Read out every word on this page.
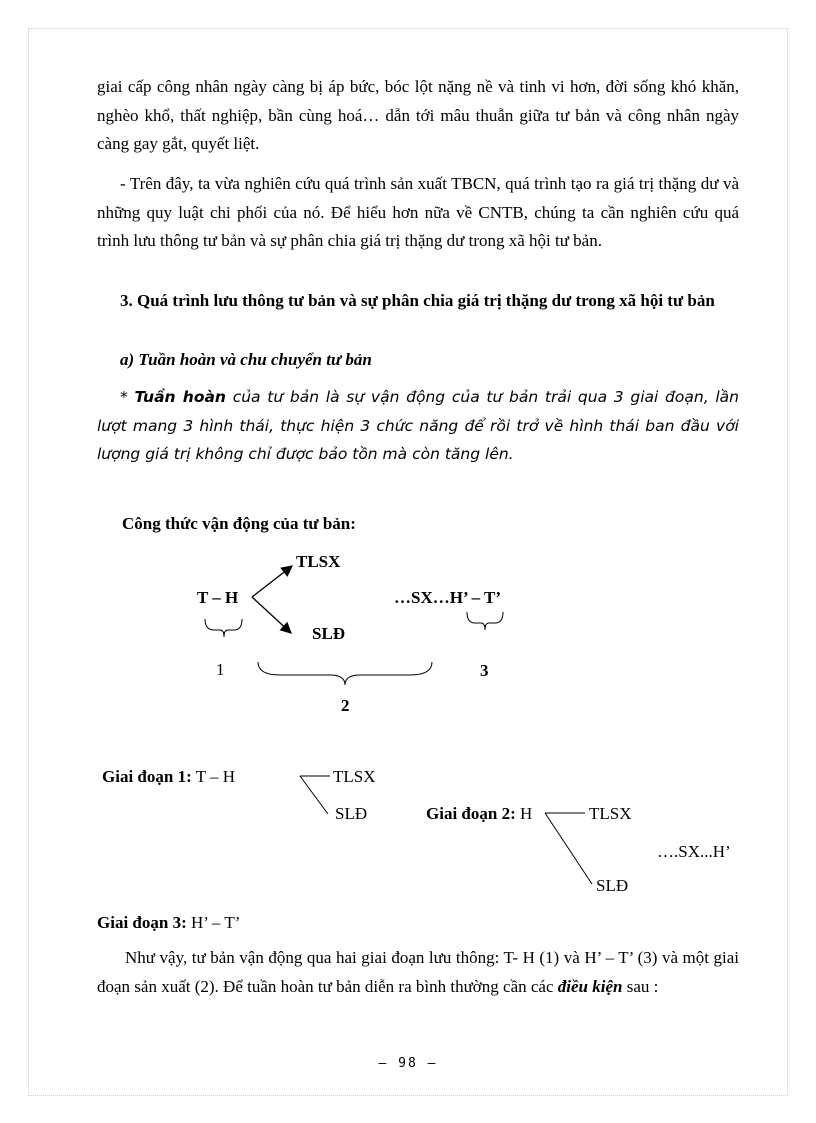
giai cấp công nhân ngày càng bị áp bức, bóc lột nặng nề và tinh vi hơn, đời sống khó khăn, nghèo khổ, thất nghiệp, bần cùng hoá… dẫn tới mâu thuẫn giữa tư bản và công nhân ngày càng gay gắt, quyết liệt.

- Trên đây, ta vừa nghiên cứu quá trình sản xuất TBCN, quá trình tạo ra giá trị thặng dư và những quy luật chi phối của nó. Để hiểu hơn nữa về CNTB, chúng ta cần nghiên cứu quá trình lưu thông tư bản và sự phân chia giá trị thặng dư trong xã hội tư bản.

3. Quá trình lưu thông tư bản và sự phân chia giá trị thặng dư trong xã hội tư bản

a) Tuần hoàn và chu chuyển tư bản

* Tuần hoàn của tư bản là sự vận động của tư bản trải qua 3 giai đoạn, lần lượt mang 3 hình thái, thực hiện 3 chức năng để rồi trở về hình thái ban đầu với lượng giá trị không chỉ được bảo tồn mà còn tăng lên.

Công thức vận động của tư bản:
T – H
TLSX
SLĐ
…SX…H’ – T’
1
2
3
Giai đoạn 1: T – H	TLSX
SLĐ	Giai đoạn 2: H	TLSX
….SX...H’
SLĐ
Giai đoạn 3: H’ – T’

Như vậy, tư bản vận động qua hai giai đoạn lưu thông: T- H (1) và H’ – T’ (3) và một giai đoạn sản xuất (2). Để tuần hoàn tư bản diễn ra bình thường cần các điều kiện sau :

– 98 –
